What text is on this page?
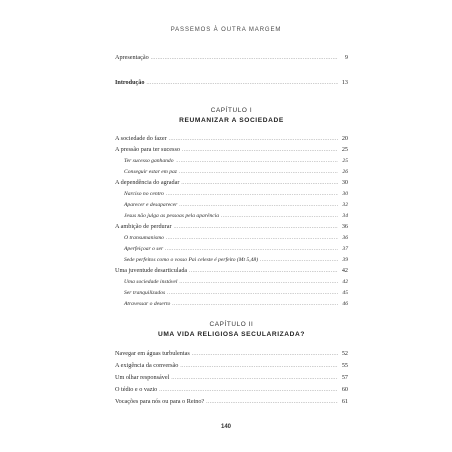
PASSEMOS À OUTRA MARGEM
Apresentação .....	9
Introdução .....	13
CAPÍTULO I
REUMANIZAR A SOCIEDADE
A sociedade do fazer .....	20
A pressão para ter sucesso .....	25
Ter sucesso ganhando .....	25
Conseguir estar em paz .....	26
A dependência do agradar .....	30
Narciso no centro .....	30
Aparecer e desaparecer .....	32
Jesus não julga as pessoas pela aparência .....	34
A ambição de perdurar .....	36
O transumanismo .....	36
Aperfeiçoar o ser .....	37
Sede perfeitos como o vosso Pai celeste é perfeito (Mt 5,48) .....	39
Uma juventude desarticulada .....	42
Uma sociedade instável .....	42
Ser tranquilizados .....	45
Atravessar o deserto .....	46
CAPÍTULO II
UMA VIDA RELIGIOSA SECULARIZADA?
Navegar em águas turbulentas .....	52
A exigência da conversão .....	55
Um olhar responsável .....	57
O tédio e o vazio .....	60
Vocações para nós ou para o Reino? .....	61
140
